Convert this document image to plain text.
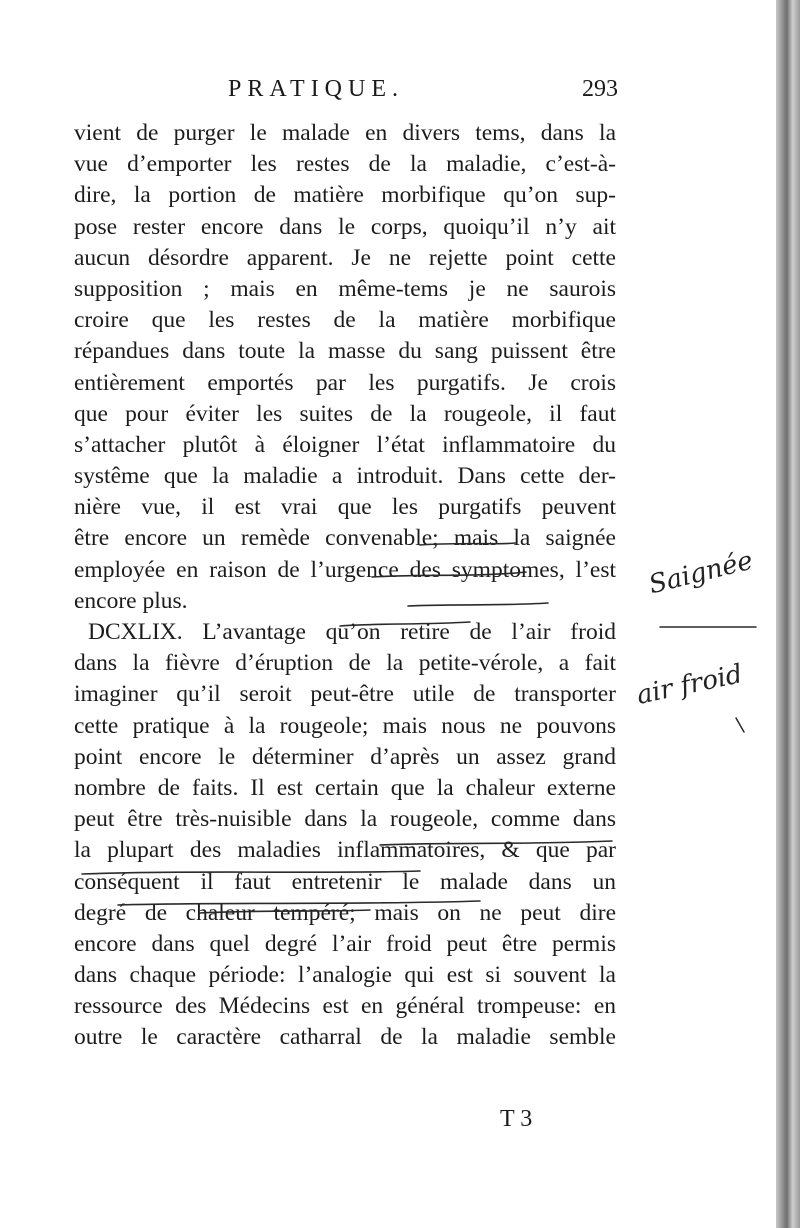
PRATIQUE.	293
vient de purger le malade en divers tems, dans la
vue d’emporter les restes de la maladie, c’est-à-
dire, la portion de matière morbifique qu’on sup-
pose rester encore dans le corps, quoiqu’il n’y ait
aucun désordre apparent. Je ne rejette point cette
supposition ; mais en même-tems je ne saurois
croire que les restes de la matière morbifique
répandues dans toute la masse du sang puissent être
entièrement emportés par les purgatifs. Je crois
que pour éviter les suites de la rougeole, il faut
s’attacher plutôt à éloigner l’état inflammatoire du
systême que la maladie a introduit. Dans cette der-
nière vue, il est vrai que les purgatifs peuvent
être encore un remède convenable; mais la saignée
employée en raison de l’urgence des symptomes, l’est
encore plus.
DCXLIX. L’avantage qu’on retire de l’air froid
dans la fièvre d’éruption de la petite-vérole, a fait
imaginer qu’il seroit peut-être utile de transporter
cette pratique à la rougeole; mais nous ne pouvons
point encore le déterminer d’après un assez grand
nombre de faits. Il est certain que la chaleur externe
peut être très-nuisible dans la rougeole, comme dans
la plupart des maladies inflammatoires, & que par
conséquent il faut entretenir le malade dans un
degré de chaleur tempéré; mais on ne peut dire
encore dans quel degré l’air froid peut être permis
dans chaque période: l’analogie qui est si souvent la
ressource des Médecins est en général trompeuse: en
outre le caractère catharral de la maladie semble
Saignée
air froid
T 3
